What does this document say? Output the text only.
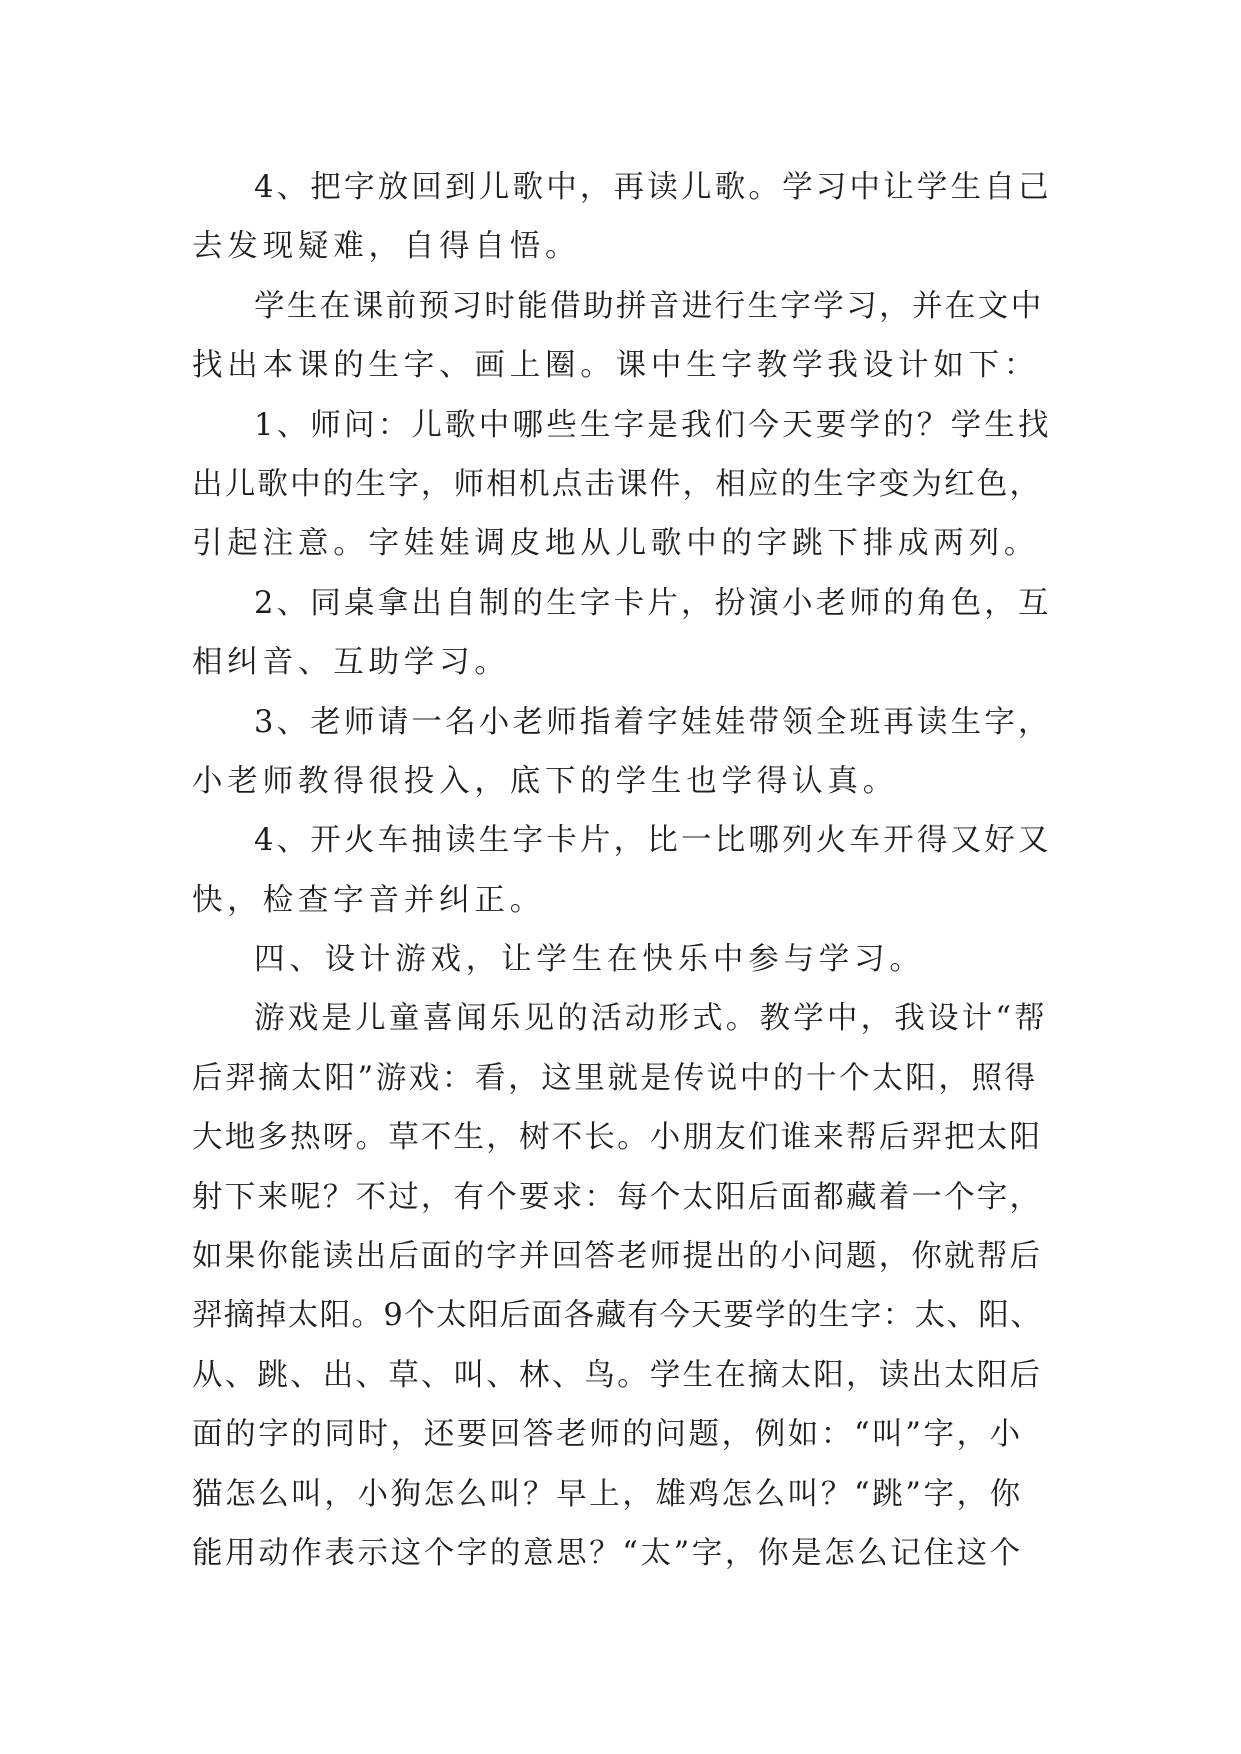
4、把字放回到儿歌中，再读儿歌。学习中让学生自己

去发现疑难，自得自悟。

学生在课前预习时能借助拼音进行生字学习，并在文中

找出本课的生字、画上圈。课中生字教学我设计如下：

1、师问：儿歌中哪些生字是我们今天要学的？学生找

出儿歌中的生字，师相机点击课件，相应的生字变为红色，

引起注意。字娃娃调皮地从儿歌中的字跳下排成两列。

2、同桌拿出自制的生字卡片，扮演小老师的角色，互

相纠音、互助学习。

3、老师请一名小老师指着字娃娃带领全班再读生字，

小老师教得很投入，底下的学生也学得认真。

4、开火车抽读生字卡片，比一比哪列火车开得又好又

快，检查字音并纠正。

四、设计游戏，让学生在快乐中参与学习。

游戏是儿童喜闻乐见的活动形式。教学中，我设计“帮

后羿摘太阳”游戏：看，这里就是传说中的十个太阳，照得

大地多热呀。草不生，树不长。小朋友们谁来帮后羿把太阳

射下来呢？不过，有个要求：每个太阳后面都藏着一个字，

如果你能读出后面的字并回答老师提出的小问题，你就帮后

羿摘掉太阳。9个太阳后面各藏有今天要学的生字：太、阳、

从、跳、出、草、叫、林、鸟。学生在摘太阳，读出太阳后

面的字的同时，还要回答老师的问题，例如：“叫”字，小

猫怎么叫，小狗怎么叫？早上，雄鸡怎么叫？“跳”字，你

能用动作表示这个字的意思？“太”字，你是怎么记住这个
